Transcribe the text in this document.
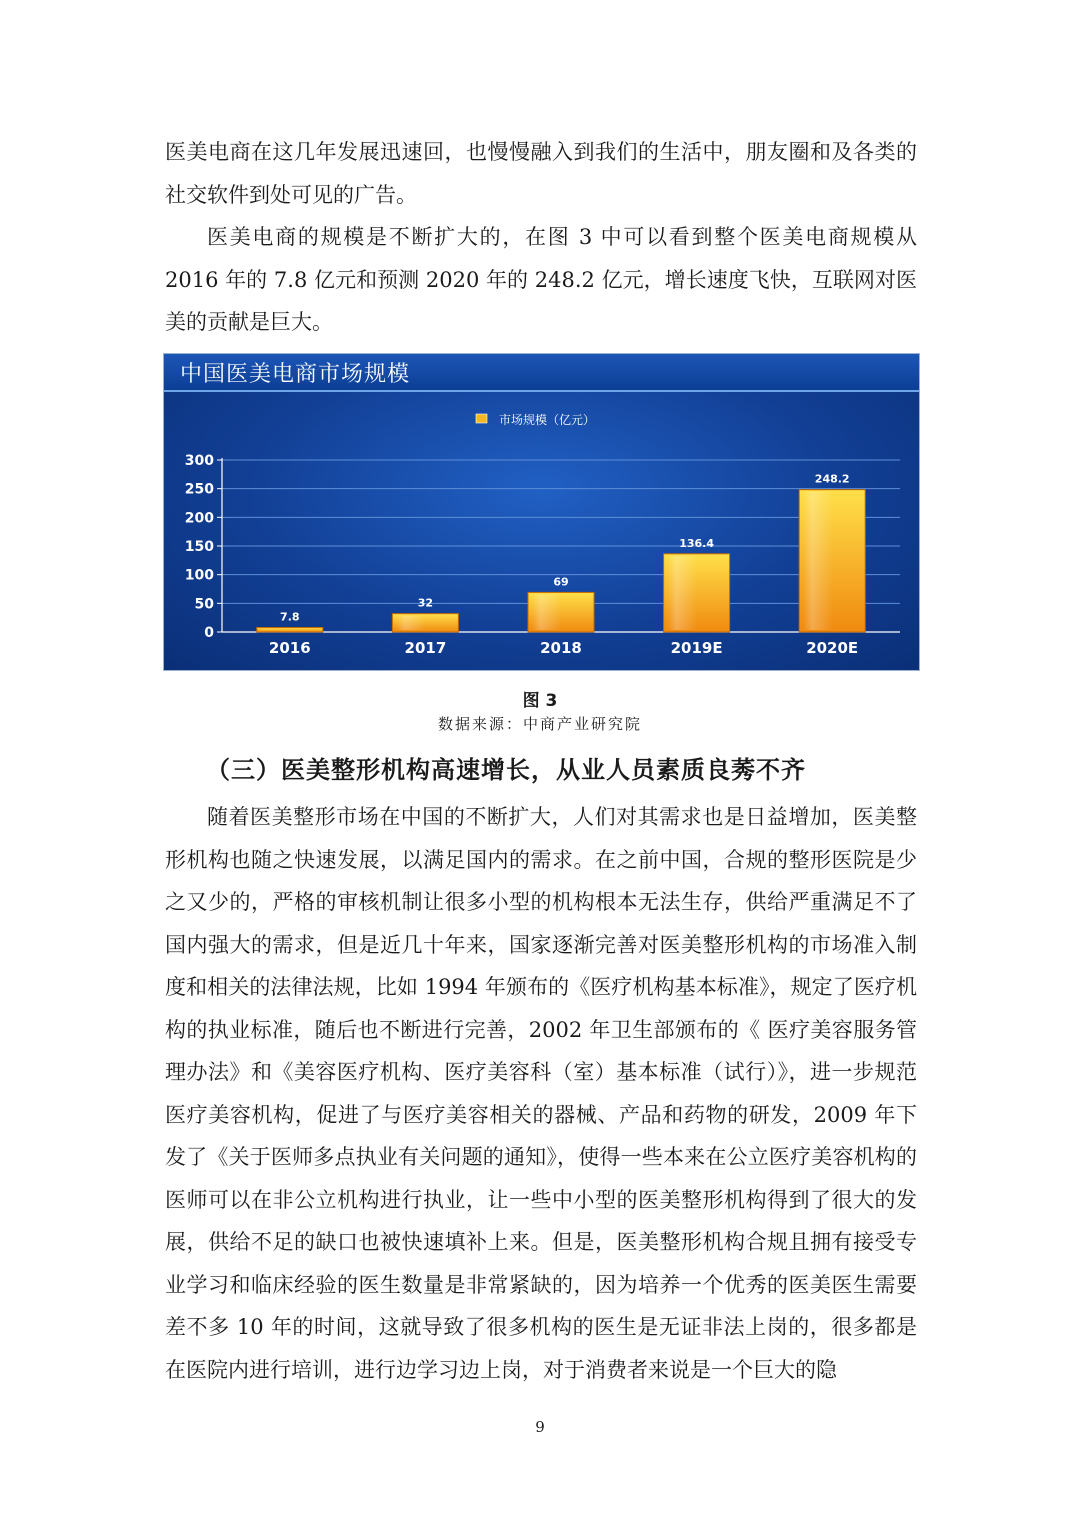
医美电商在这几年发展迅速回，也慢慢融入到我们的生活中，朋友圈和及各类的社交软件到处可见的广告。

医美电商的规模是不断扩大的，在图 3 中可以看到整个医美电商规模从 2016 年的 7.8 亿元和预测 2020 年的 248.2 亿元，增长速度飞快，互联网对医美的贡献是巨大。

中国医美电商市场规模
市场规模（亿元）
0
50
100
150
200
250
300
7.8
2016
32
2017
69
2018
136.4
2019E
248.2
2020E

图 3

数据来源：中商产业研究院

（三）医美整形机构高速增长，从业人员素质良莠不齐

随着医美整形市场在中国的不断扩大，人们对其需求也是日益增加，医美整形机构也随之快速发展，以满足国内的需求。在之前中国，合规的整形医院是少之又少的，严格的审核机制让很多小型的机构根本无法生存，供给严重满足不了国内强大的需求，但是近几十年来，国家逐渐完善对医美整形机构的市场准入制度和相关的法律法规，比如 1994 年颁布的《医疗机构基本标准》，规定了医疗机构的执业标准，随后也不断进行完善，2002 年卫生部颁布的《 医疗美容服务管理办法》和《美容医疗机构、医疗美容科（室）基本标准（试行）》，进一步规范医疗美容机构，促进了与医疗美容相关的器械、产品和药物的研发，2009 年下发了《关于医师多点执业有关问题的通知》，使得一些本来在公立医疗美容机构的医师可以在非公立机构进行执业，让一些中小型的医美整形机构得到了很大的发展，供给不足的缺口也被快速填补上来。但是，医美整形机构合规且拥有接受专业学习和临床经验的医生数量是非常紧缺的，因为培养一个优秀的医美医生需要差不多 10 年的时间，这就导致了很多机构的医生是无证非法上岗的，很多都是在医院内进行培训，进行边学习边上岗，对于消费者来说是一个巨大的隐

9
